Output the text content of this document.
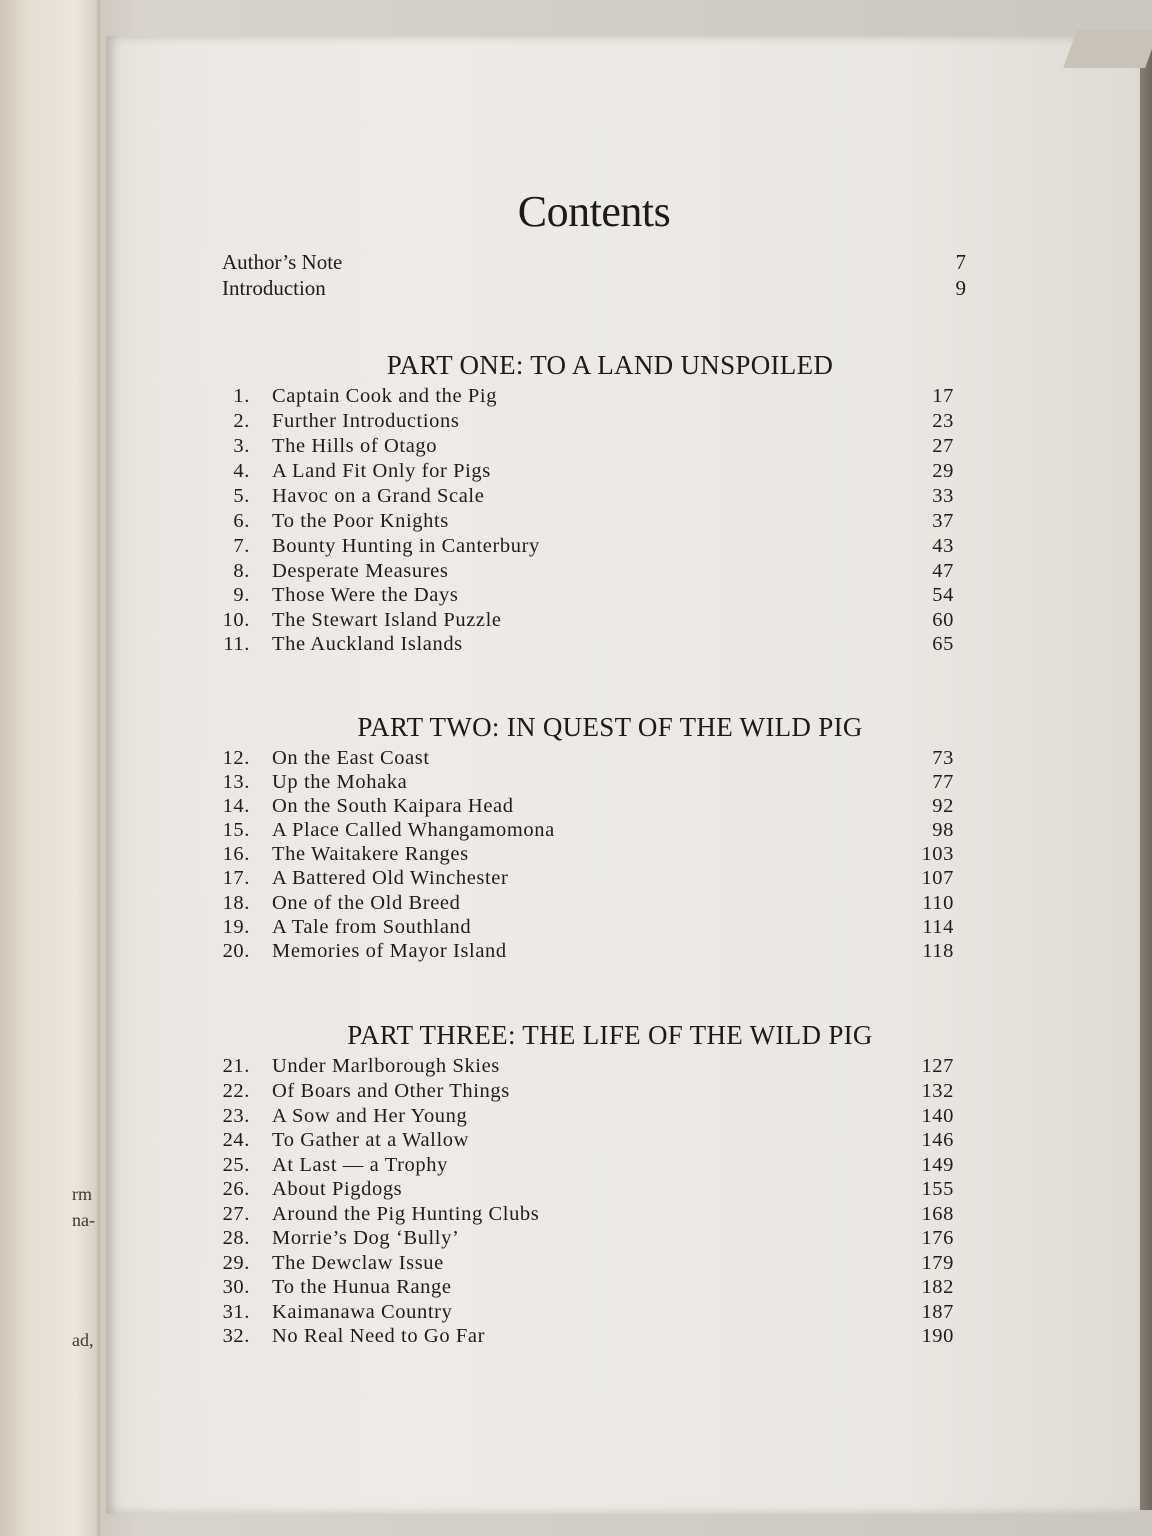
rm
na-
ad,
Contents
Author’s Note	7
Introduction	9
PART ONE: TO A LAND UNSPOILED
1. Captain Cook and the Pig	17
2. Further Introductions	23
3. The Hills of Otago	27
4. A Land Fit Only for Pigs	29
5. Havoc on a Grand Scale	33
6. To the Poor Knights	37
7. Bounty Hunting in Canterbury	43
8. Desperate Measures	47
9. Those Were the Days	54
10. The Stewart Island Puzzle	60
11. The Auckland Islands	65
PART TWO: IN QUEST OF THE WILD PIG
12. On the East Coast	73
13. Up the Mohaka	77
14. On the South Kaipara Head	92
15. A Place Called Whangamomona	98
16. The Waitakere Ranges	103
17. A Battered Old Winchester	107
18. One of the Old Breed	110
19. A Tale from Southland	114
20. Memories of Mayor Island	118
PART THREE: THE LIFE OF THE WILD PIG
21. Under Marlborough Skies	127
22. Of Boars and Other Things	132
23. A Sow and Her Young	140
24. To Gather at a Wallow	146
25. At Last — a Trophy	149
26. About Pigdogs	155
27. Around the Pig Hunting Clubs	168
28. Morrie’s Dog ‘Bully’	176
29. The Dewclaw Issue	179
30. To the Hunua Range	182
31. Kaimanawa Country	187
32. No Real Need to Go Far	190
